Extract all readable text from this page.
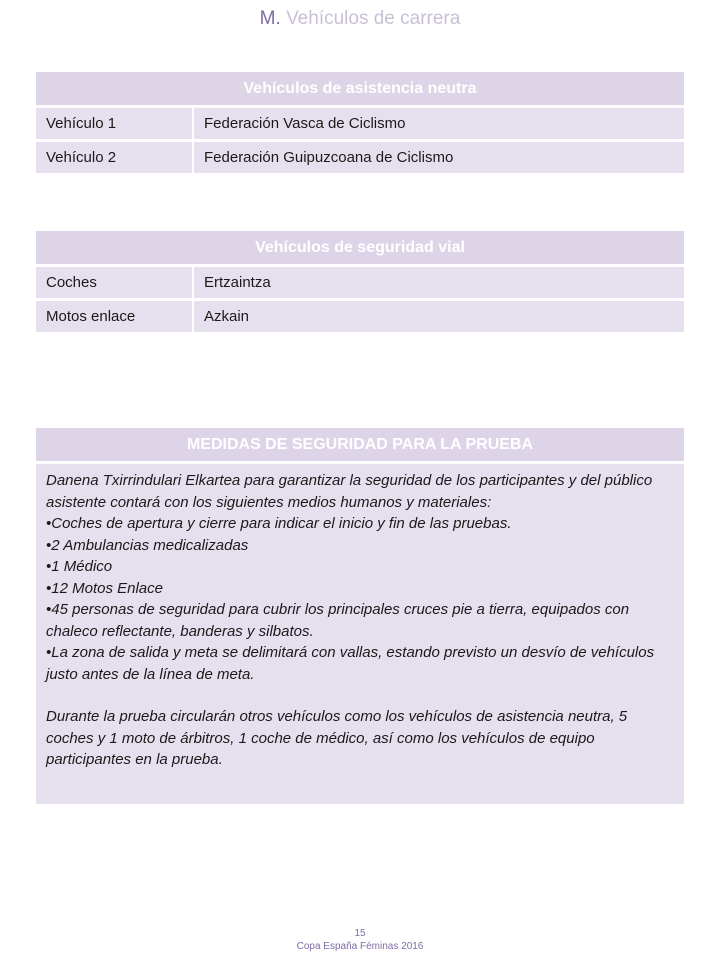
M. Vehículos de carrera
Vehículos de asistencia neutra	
Vehículo 1	Federación Vasca de Ciclismo
Vehículo 2	Federación Guipuzcoana de Ciclismo
Vehículos de seguridad vial	
Coches	Ertzaintza
Motos enlace	Azkain
MEDIDAS DE SEGURIDAD PARA LA PRUEBA

Danena Txirrindulari Elkartea para garantizar la seguridad de los participantes y del público asistente contará con los siguientes medios humanos y materiales:

•Coches de apertura y cierre para indicar el inicio y fin de las pruebas.

•2 Ambulancias medicalizadas

•1 Médico

•12 Motos Enlace

•45 personas de seguridad para cubrir los principales cruces pie a tierra, equipados con chaleco reflectante, banderas y silbatos.

•La zona de salida y meta se delimitará con vallas, estando previsto un desvío de vehículos justo antes de la línea de meta.

Durante la prueba circularán otros vehículos como los vehículos de asistencia neutra, 5 coches y 1 moto de árbitros, 1 coche de médico, así como los vehículos de equipo participantes en la prueba.

15
Copa España Féminas 2016
